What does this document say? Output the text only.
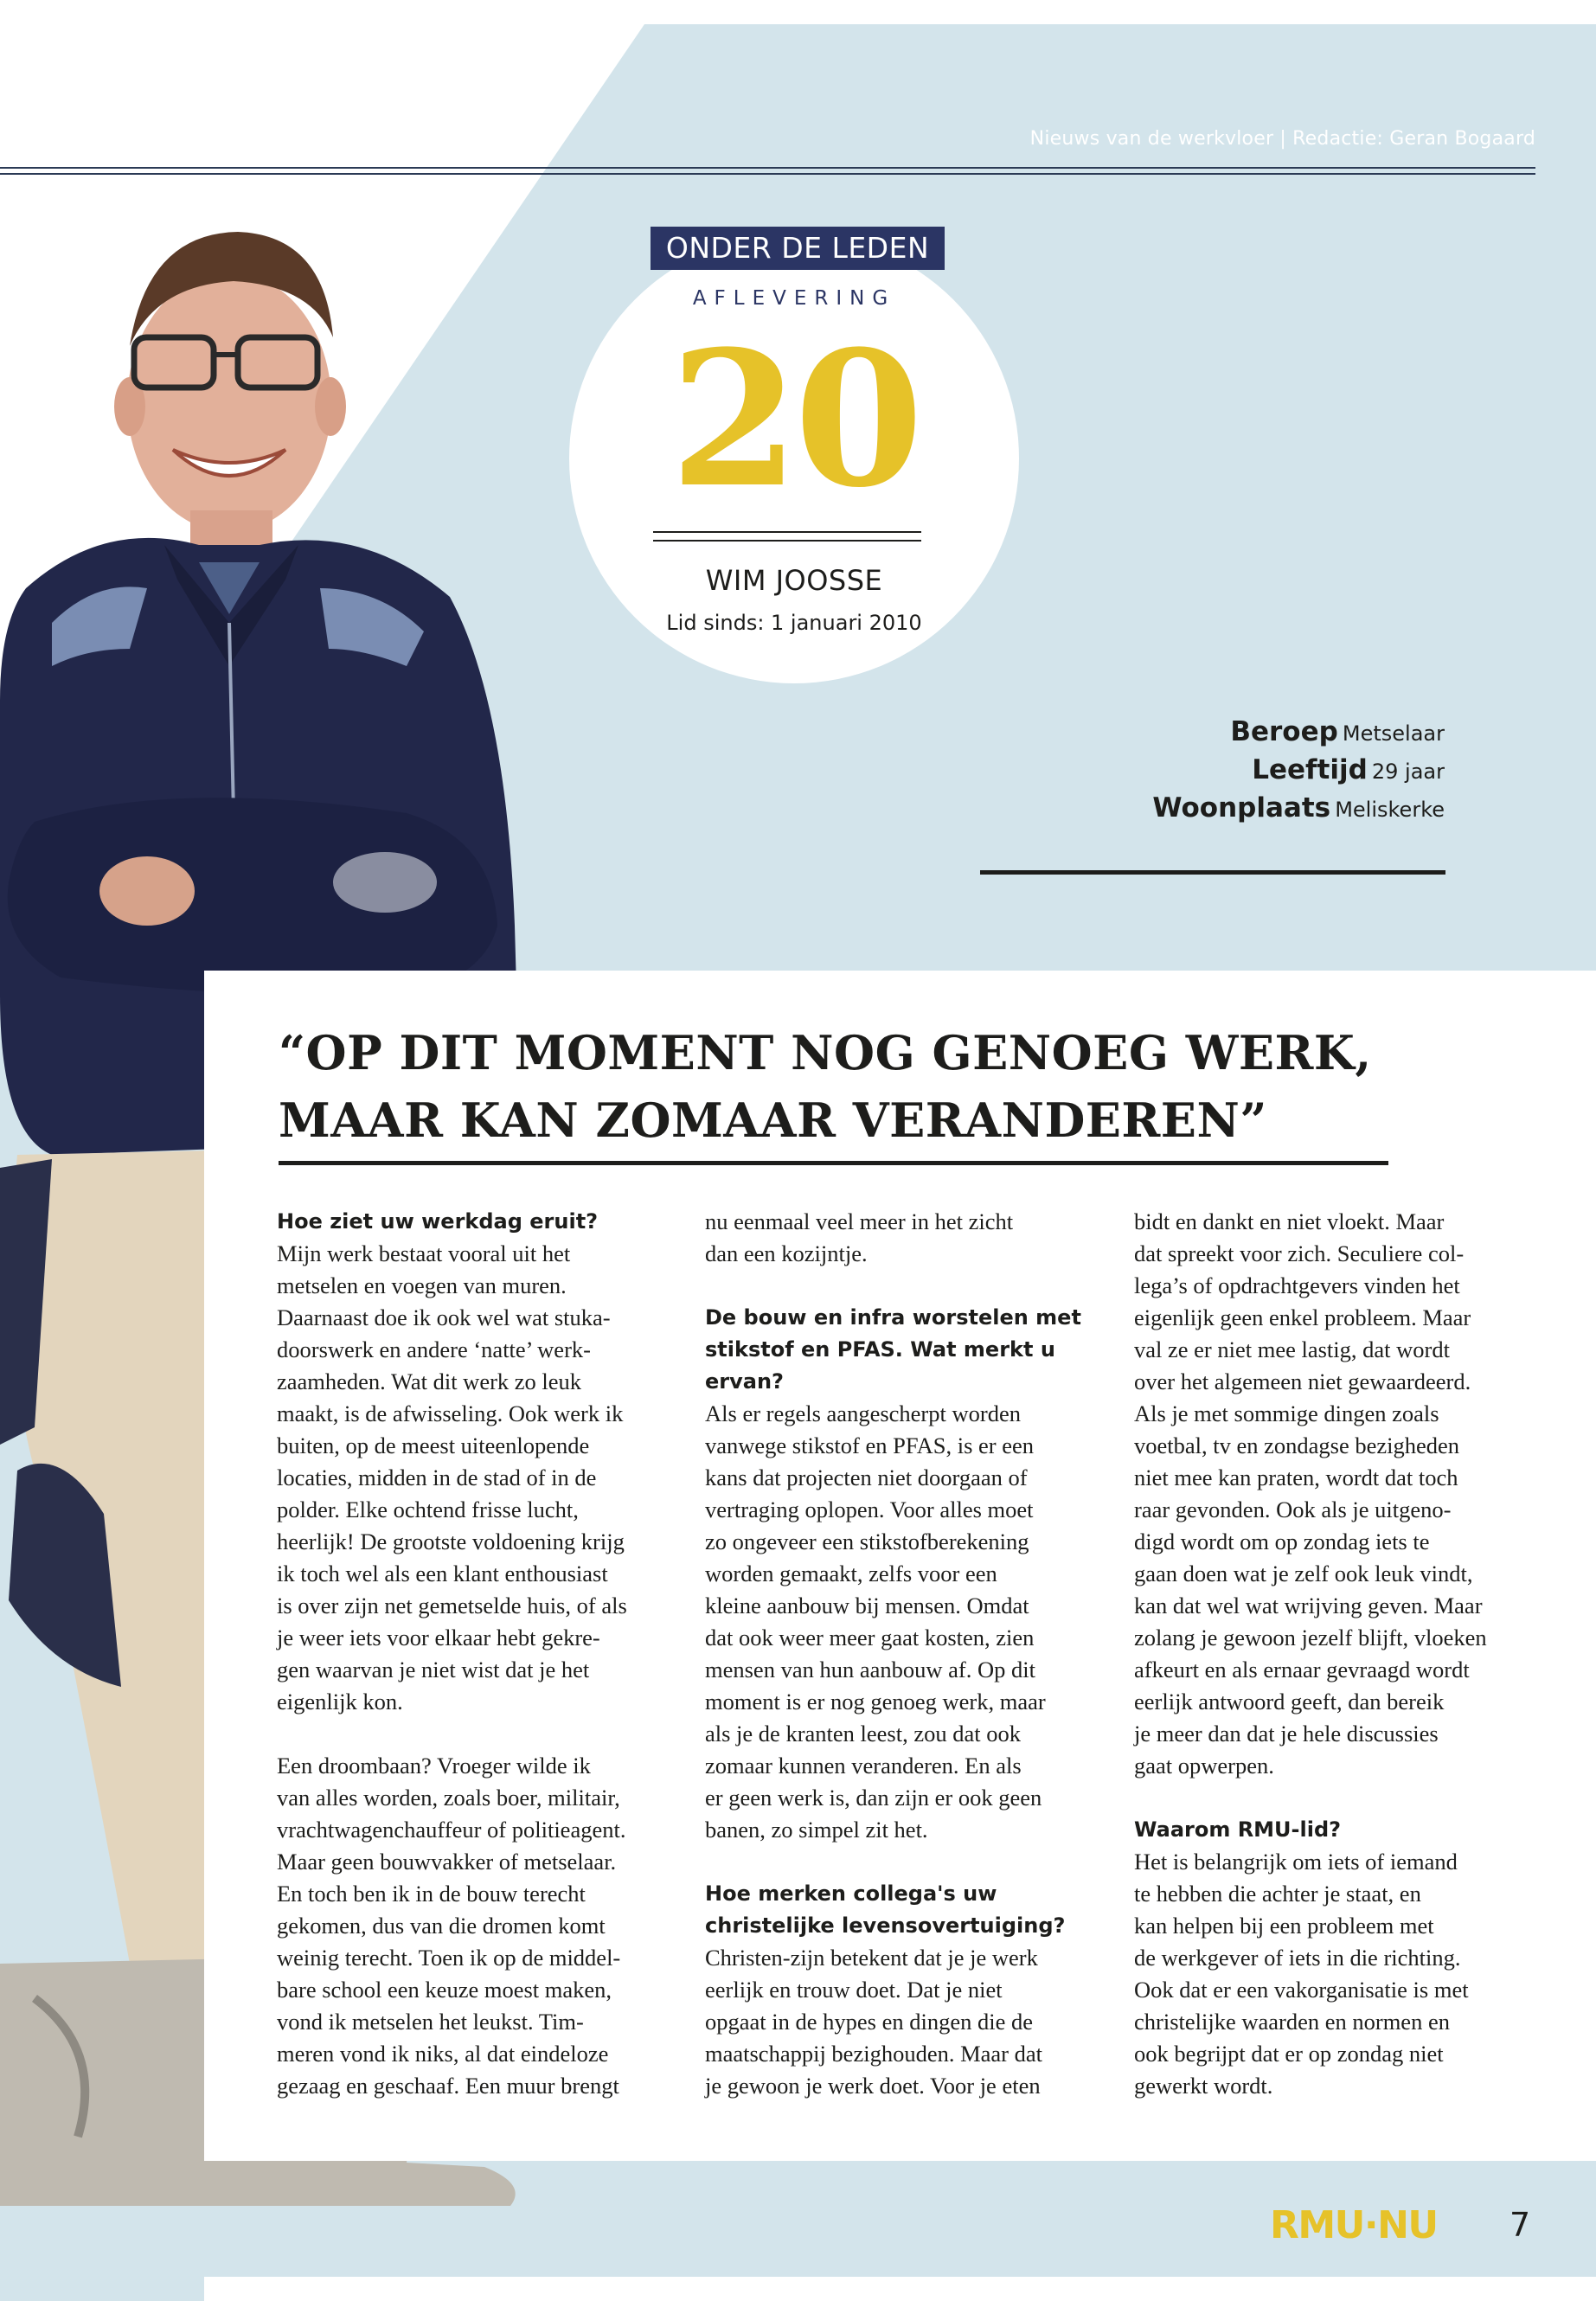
Nieuws van de werkvloer | Redactie: Geran Bogaard
ONDER DE LEDEN
AFLEVERING
20
WIM JOOSSE
Lid sinds: 1 januari 2010
Beroep Metselaar
Leeftijd 29 jaar
Woonplaats Meliskerke
“OP DIT MOMENT NOG GENOEG WERK,
MAAR KAN ZOMAAR VERANDEREN”
Hoe ziet uw werkdag eruit?
Mijn werk bestaat vooral uit het
metselen en voegen van muren.
Daarnaast doe ik ook wel wat stuka-
doorswerk en andere ‘natte’ werk-
zaamheden. Wat dit werk zo leuk
maakt, is de afwisseling. Ook werk ik
buiten, op de meest uiteenlopende
locaties, midden in de stad of in de
polder. Elke ochtend frisse lucht,
heerlijk! De grootste voldoening krijg
ik toch wel als een klant enthousiast
is over zijn net gemetselde huis, of als
je weer iets voor elkaar hebt gekre-
gen waarvan je niet wist dat je het
eigenlijk kon.
Een droombaan? Vroeger wilde ik
van alles worden, zoals boer, militair,
vrachtwagenchauffeur of politieagent.
Maar geen bouwvakker of metselaar.
En toch ben ik in de bouw terecht
gekomen, dus van die dromen komt
weinig terecht. Toen ik op de middel-
bare school een keuze moest maken,
vond ik metselen het leukst. Tim-
meren vond ik niks, al dat eindeloze
gezaag en geschaaf. Een muur brengt
nu eenmaal veel meer in het zicht
dan een kozijntje.
De bouw en infra worstelen met
stikstof en PFAS. Wat merkt u
ervan?
Als er regels aangescherpt worden
vanwege stikstof en PFAS, is er een
kans dat projecten niet doorgaan of
vertraging oplopen. Voor alles moet
zo ongeveer een stikstofberekening
worden gemaakt, zelfs voor een
kleine aanbouw bij mensen. Omdat
dat ook weer meer gaat kosten, zien
mensen van hun aanbouw af. Op dit
moment is er nog genoeg werk, maar
als je de kranten leest, zou dat ook
zomaar kunnen veranderen. En als
er geen werk is, dan zijn er ook geen
banen, zo simpel zit het.
Hoe merken collega's uw
christelijke levensovertuiging?
Christen-zijn betekent dat je je werk
eerlijk en trouw doet. Dat je niet
opgaat in de hypes en dingen die de
maatschappij bezighouden. Maar dat
je gewoon je werk doet. Voor je eten
bidt en dankt en niet vloekt. Maar
dat spreekt voor zich. Seculiere col-
lega’s of opdrachtgevers vinden het
eigenlijk geen enkel probleem. Maar
val ze er niet mee lastig, dat wordt
over het algemeen niet gewaardeerd.
Als je met sommige dingen zoals
voetbal, tv en zondagse bezigheden
niet mee kan praten, wordt dat toch
raar gevonden. Ook als je uitgeno-
digd wordt om op zondag iets te
gaan doen wat je zelf ook leuk vindt,
kan dat wel wat wrijving geven. Maar
zolang je gewoon jezelf blijft, vloeken
afkeurt en als ernaar gevraagd wordt
eerlijk antwoord geeft, dan bereik
je meer dan dat je hele discussies
gaat opwerpen.
Waarom RMU-lid?
Het is belangrijk om iets of iemand
te hebben die achter je staat, en
kan helpen bij een probleem met
de werkgever of iets in die richting.
Ook dat er een vakorganisatie is met
christelijke waarden en normen en
ook begrijpt dat er op zondag niet
gewerkt wordt.
RMU·NU 7
